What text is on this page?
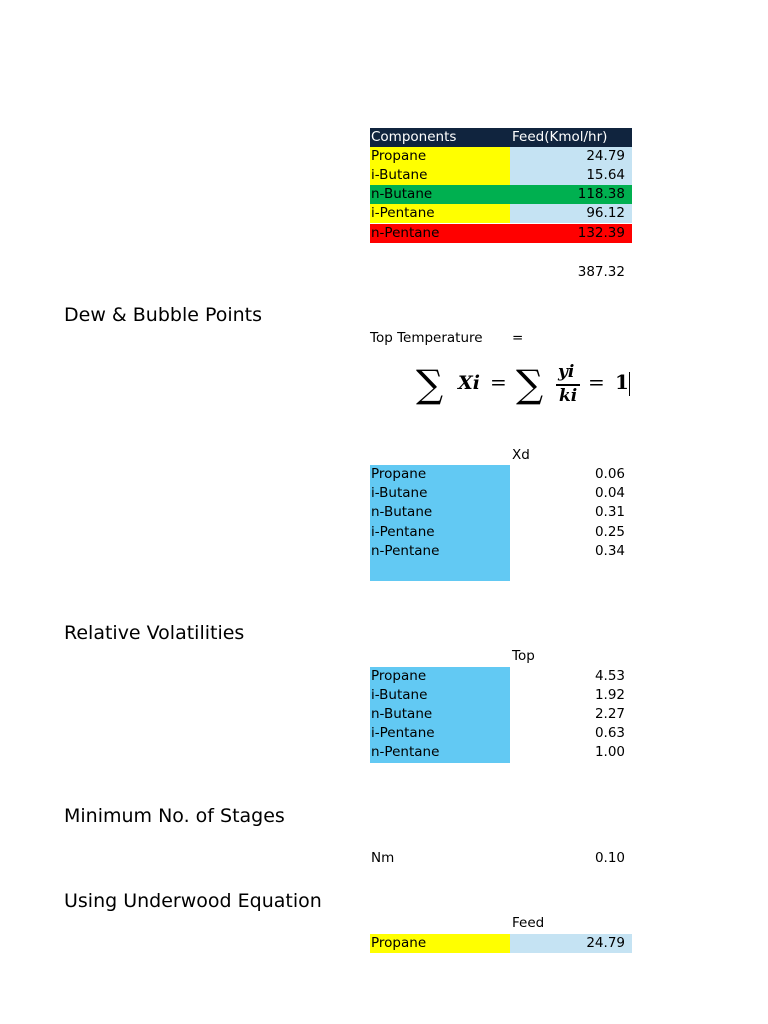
Components	Feed(Kmol/hr)
Propane	24.79
i-Butane	15.64
n-Butane	118.38
i-Pentane	96.12
n-Pentane	132.39
387.32
Dew & Bubble Points
Top Temperature =
∑ Xi = ∑ yi
ki
= 1
Xd
Propane	0.06
i-Butane	0.04
n-Butane	0.31
i-Pentane	0.25
n-Pentane	0.34
Relative Volatilities
Top
Propane	4.53
i-Butane	1.92
n-Butane	2.27
i-Pentane	0.63
n-Pentane	1.00
Minimum No. of Stages
Nm	0.10
Using Underwood Equation
Feed
Propane	24.79
